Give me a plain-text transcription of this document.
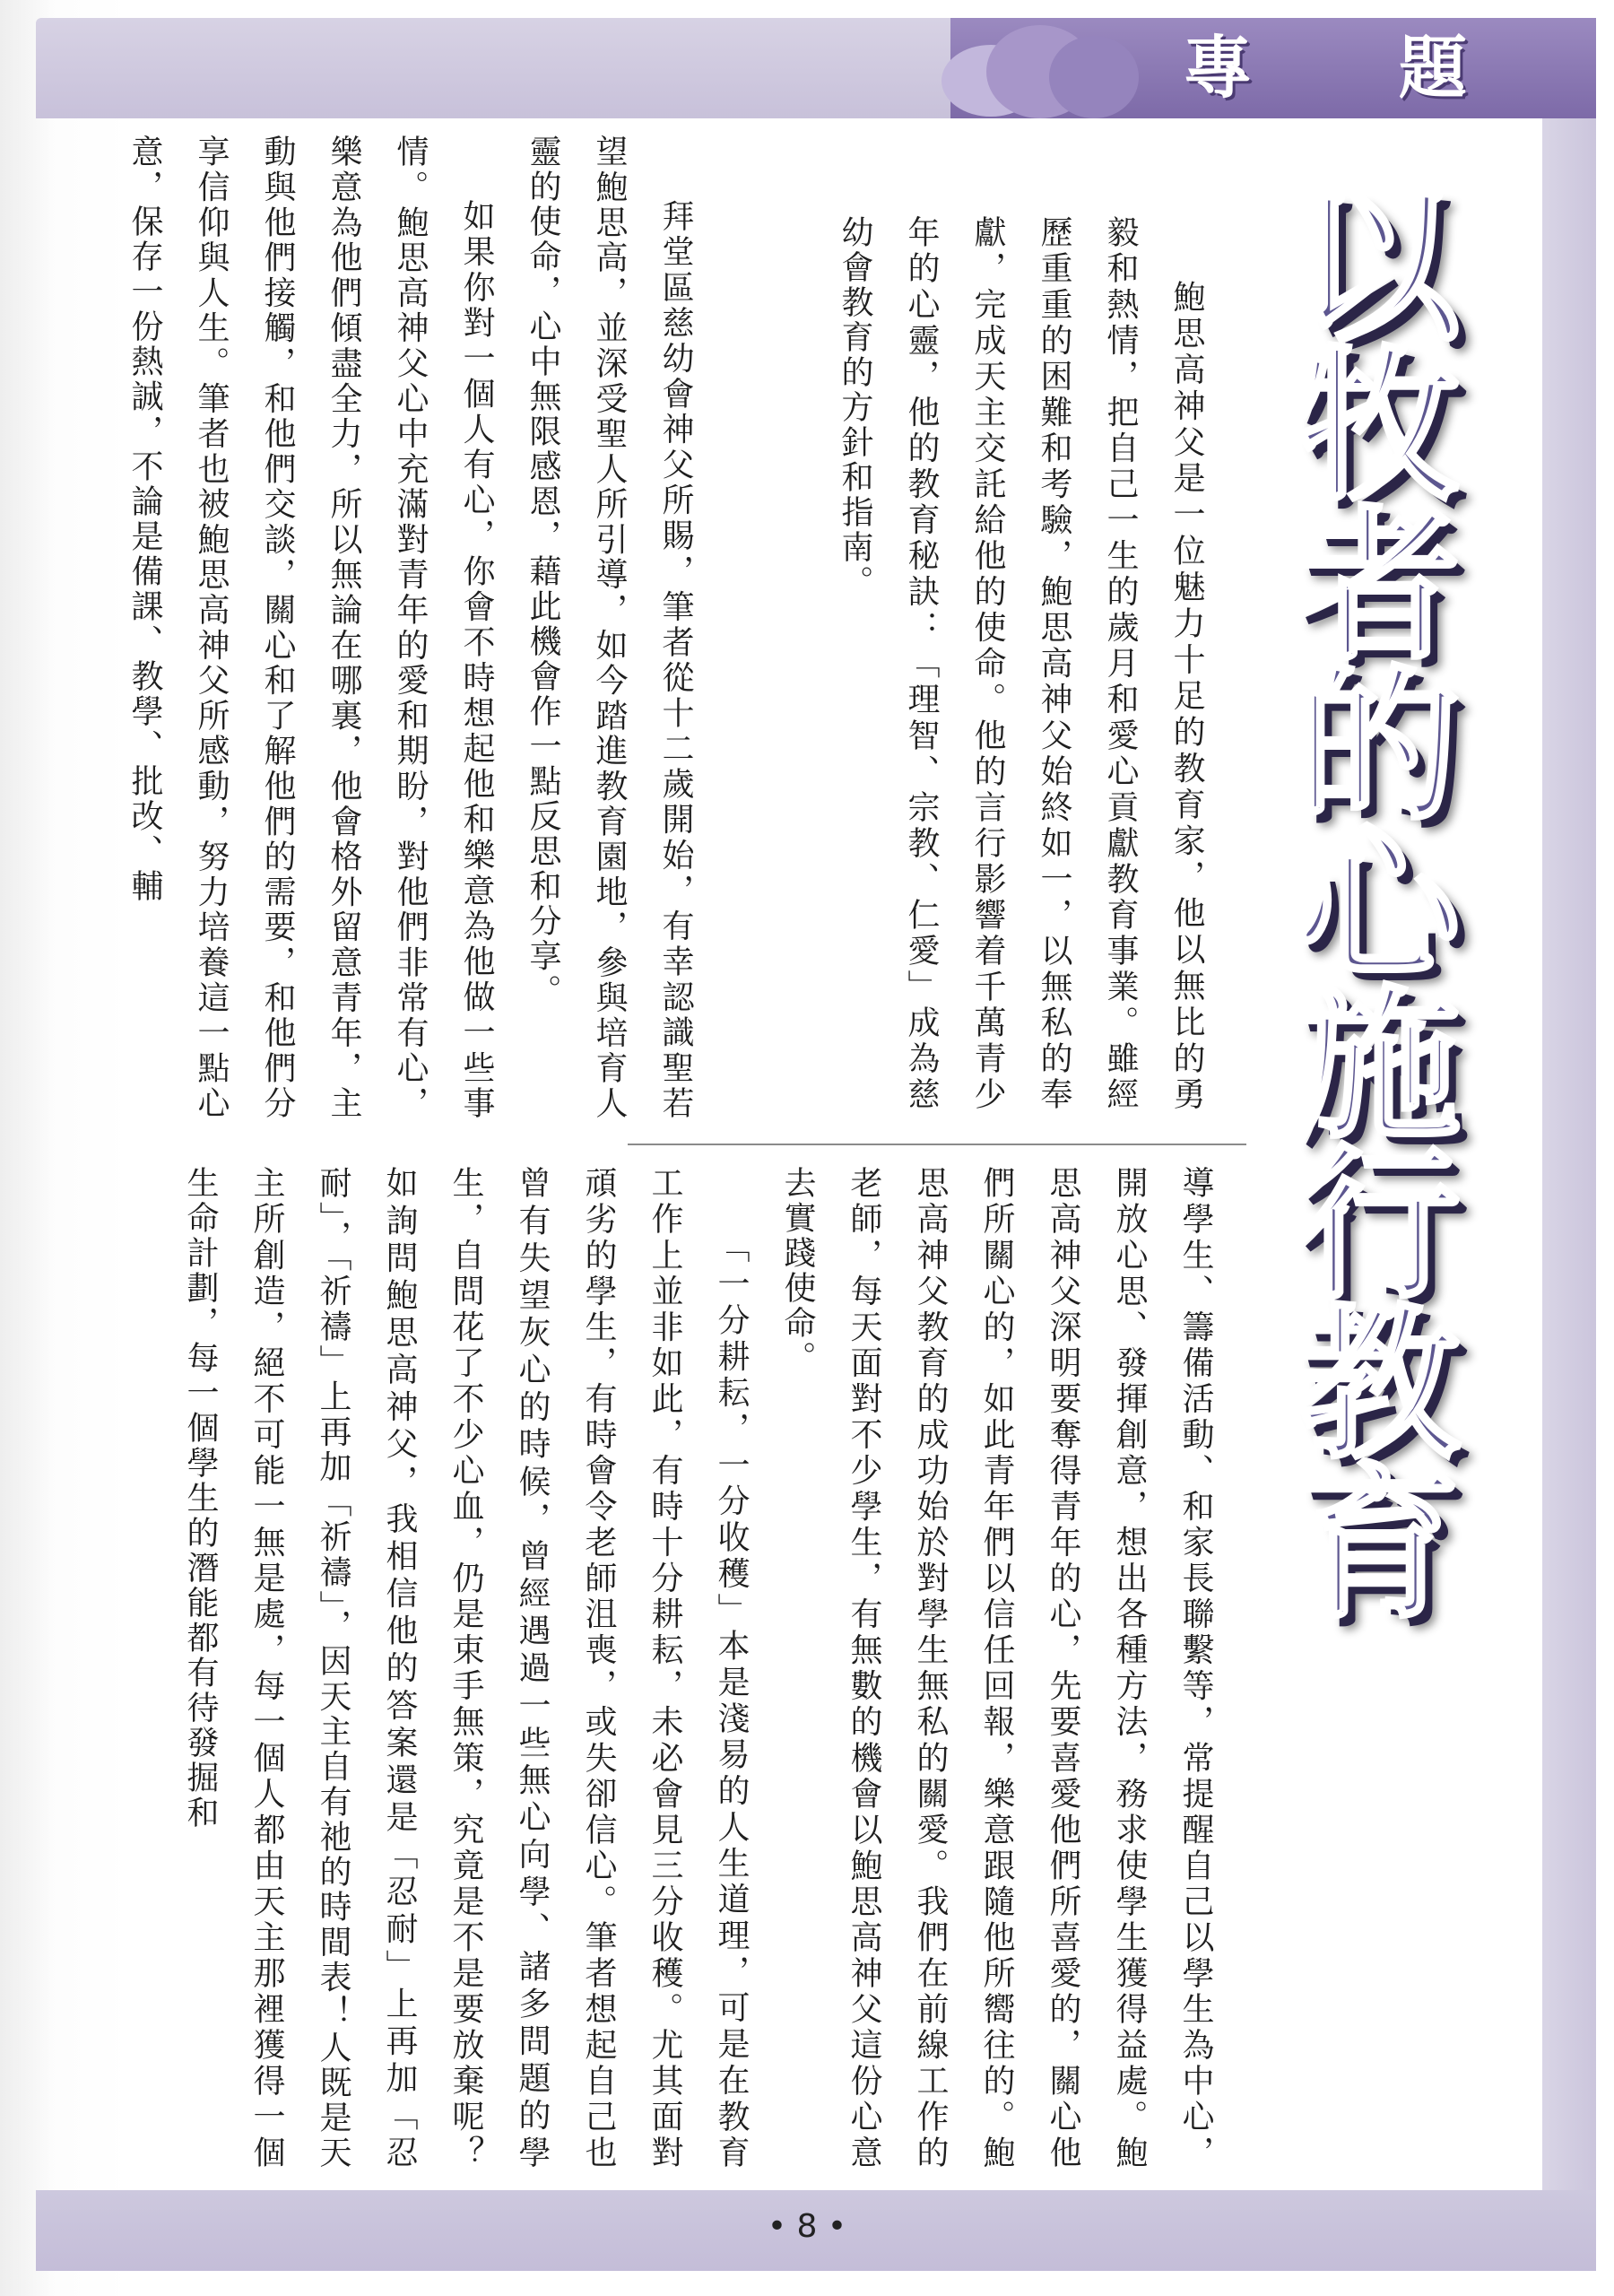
專 題
• 8 •
以牧者的心施行教育

鮑思高神父是一位魅力十足的教育家，他以無比的勇毅和熱情，把自己一生的歲月和愛心貢獻教育事業。雖經歷重重的困難和考驗，鮑思高神父始終如一，以無私的奉獻，完成天主交託給他的使命。他的言行影響着千萬青少年的心靈，他的教育秘訣：「理智、宗教、仁愛」成為慈幼會教育的方針和指南。

拜堂區慈幼會神父所賜，筆者從十二歲開始，有幸認識聖若望鮑思高，並深受聖人所引導，如今踏進教育園地，參與培育人靈的使命，心中無限感恩，藉此機會作一點反思和分享。

如果你對一個人有心，你會不時想起他和樂意為他做一些事情。鮑思高神父心中充滿對青年的愛和期盼，對他們非常有心，樂意為他們傾盡全力，所以無論在哪裏，他會格外留意青年，主動與他們接觸，和他們交談，關心和了解他們的需要，和他們分享信仰與人生。筆者也被鮑思高神父所感動，努力培養這一點心意，保存一份熱誠，不論是備課、教學、批改、輔

導學生、籌備活動、和家長聯繫等，常提醒自己以學生為中心，開放心思、發揮創意，想出各種方法，務求使學生獲得益處。鮑思高神父深明要奪得青年的心，先要喜愛他們所喜愛的，關心他們所關心的，如此青年們以信任回報，樂意跟隨他所嚮往的。鮑思高神父教育的成功始於對學生無私的關愛。我們在前線工作的老師，每天面對不少學生，有無數的機會以鮑思高神父這份心意去實踐使命。

「一分耕耘，一分收穫」本是淺易的人生道理，可是在教育工作上並非如此，有時十分耕耘，未必會見三分收穫。尤其面對頑劣的學生，有時會令老師沮喪，或失卻信心。筆者想起自己也曾有失望灰心的時候，曾經遇過一些無心向學、諸多問題的學生，自問花了不少心血，仍是束手無策，究竟是不是要放棄呢？如詢問鮑思高神父，我相信他的答案還是「忍耐」上再加「忍耐」，「祈禱」上再加「祈禱」，因天主自有祂的時間表！人既是天主所創造，絕不可能一無是處，每一個人都由天主那裡獲得一個生命計劃，每一個學生的潛能都有待發掘和
